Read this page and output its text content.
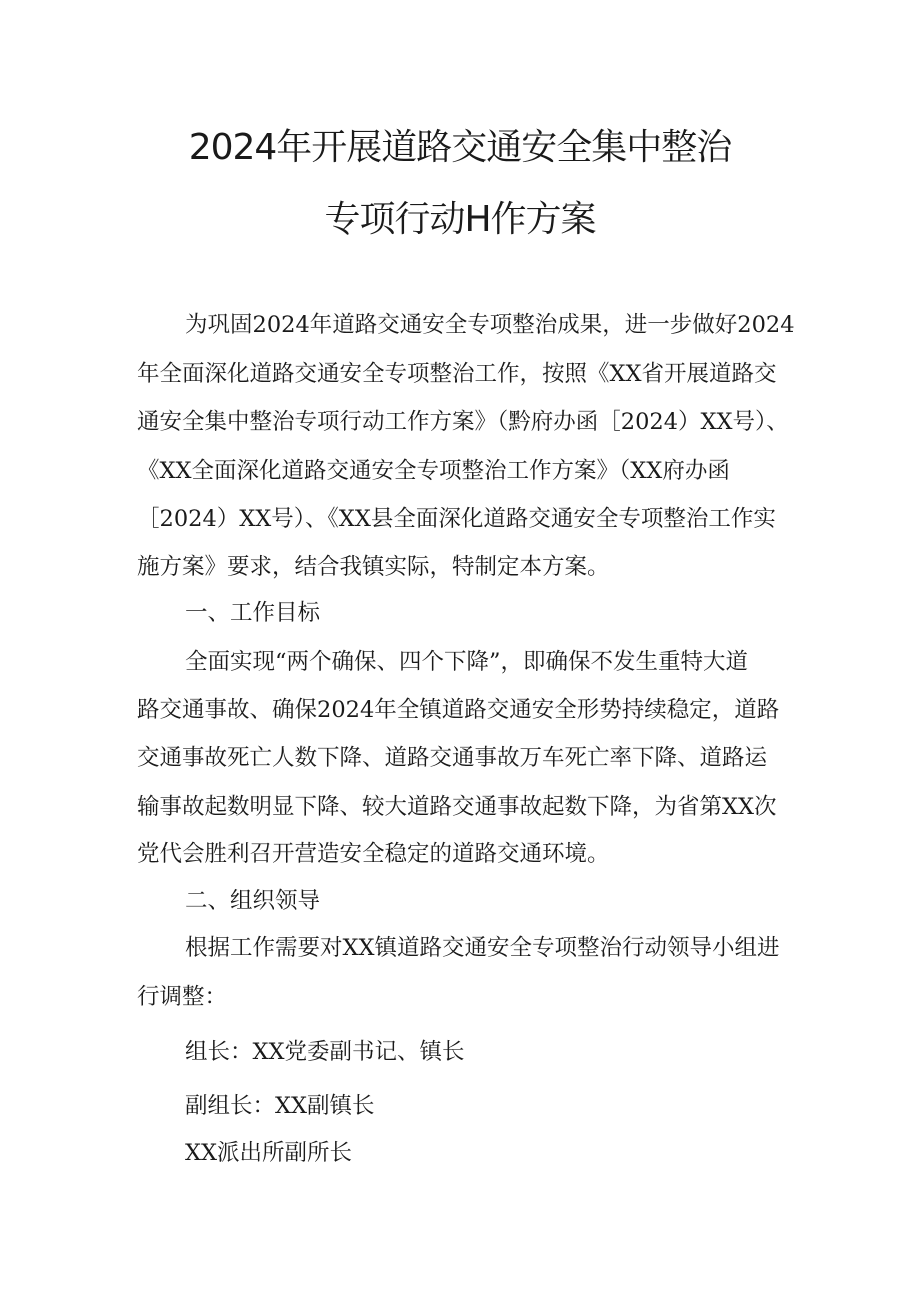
2024年开展道路交通安全集中整治
专项行动H作方案

为巩固2024年道路交通安全专项整治成果，进一步做好2024

年全面深化道路交通安全专项整治工作，按照《XX省开展道路交

通安全集中整治专项行动工作方案》（黔府办函［2024）XX号）、

《XX全面深化道路交通安全专项整治工作方案》（XX府办函

［2024）XX号）、《XX县全面深化道路交通安全专项整治工作实

施方案》要求，结合我镇实际，特制定本方案。

一、工作目标

全面实现“两个确保、四个下降”，即确保不发生重特大道

路交通事故、确保2024年全镇道路交通安全形势持续稳定，道路

交通事故死亡人数下降、道路交通事故万车死亡率下降、道路运

输事故起数明显下降、较大道路交通事故起数下降，为省第XX次

党代会胜利召开营造安全稳定的道路交通环境。

二、组织领导

根据工作需要对XX镇道路交通安全专项整治行动领导小组进

行调整：

组长：XX党委副书记、镇长

副组长：XX副镇长

XX派出所副所长
